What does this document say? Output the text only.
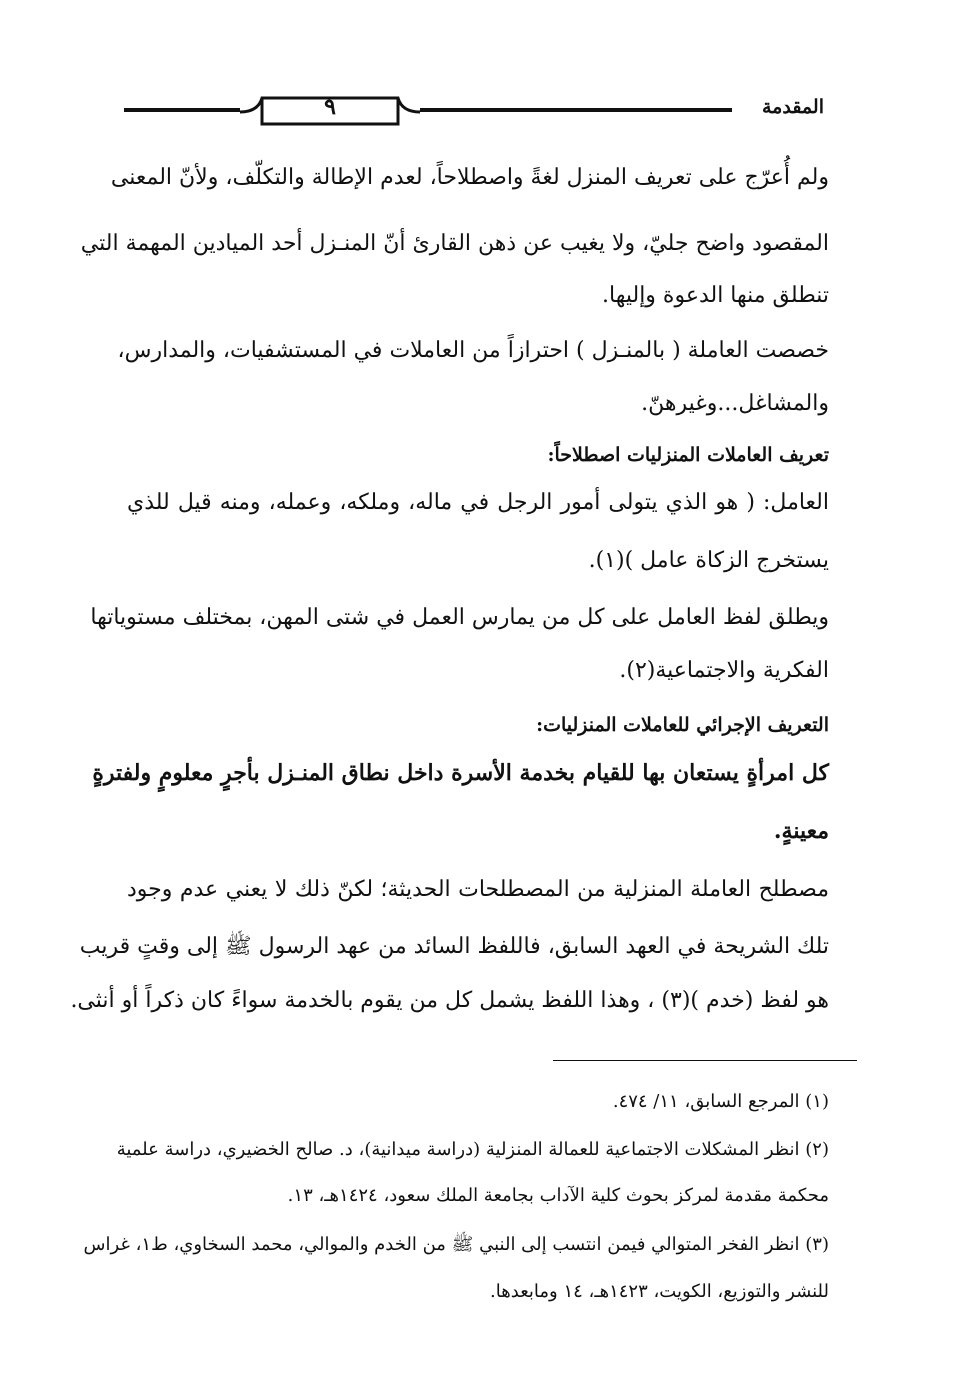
٩	المقدمة
ولم أُعرّج على تعريف المنزل لغةً واصطلاحاً، لعدم الإطالة والتكلّف، ولأنّ المعنى
المقصود واضح جليّ، ولا يغيب عن ذهن القارئ أنّ المنـزل أحد الميادين المهمة التي
تنطلق منها الدعوة وإليها.
خصصت العاملة ( بالمنـزل ) احترازاً من العاملات في المستشفيات، والمدارس،
والمشاغل...وغيرهنّ.
تعريف العاملات المنزليات اصطلاحاً:
العامل: ( هو الذي يتولى أمور الرجل في ماله، وملكه، وعمله، ومنه قيل للذي
يستخرج الزكاة عامل )(١).
ويطلق لفظ العامل على كل من يمارس العمل في شتى المهن، بمختلف مستوياتها
الفكرية والاجتماعية(٢).
التعريف الإجرائي للعاملات المنزليات:
كل امرأةٍ يستعان بها للقيام بخدمة الأسرة داخل نطاق المنـزل بأجرٍ معلومٍ ولفترةٍ
معينةٍ.
مصطلح العاملة المنزلية من المصطلحات الحديثة؛ لكنّ ذلك لا يعني عدم وجود
تلك الشريحة في العهد السابق، فاللفظ السائد من عهد الرسول ﷺ إلى وقتٍ قريب
هو لفظ (خدم )(٣) ، وهذا اللفظ يشمل كل من يقوم بالخدمة سواءً كان ذكراً أو أنثى.
(١) المرجع السابق، ١١/ ٤٧٤.
(٢) انظر المشكلات الاجتماعية للعمالة المنزلية (دراسة ميدانية)، د. صالح الخضيري، دراسة علمية
محكمة مقدمة لمركز بحوث كلية الآداب بجامعة الملك سعود، ١٤٢٤هـ، ١٣.
(٣) انظر الفخر المتوالي فيمن انتسب إلى النبي ﷺ من الخدم والموالي، محمد السخاوي، ط١، غراس
للنشر والتوزيع، الكويت، ١٤٢٣هـ، ١٤ ومابعدها.
